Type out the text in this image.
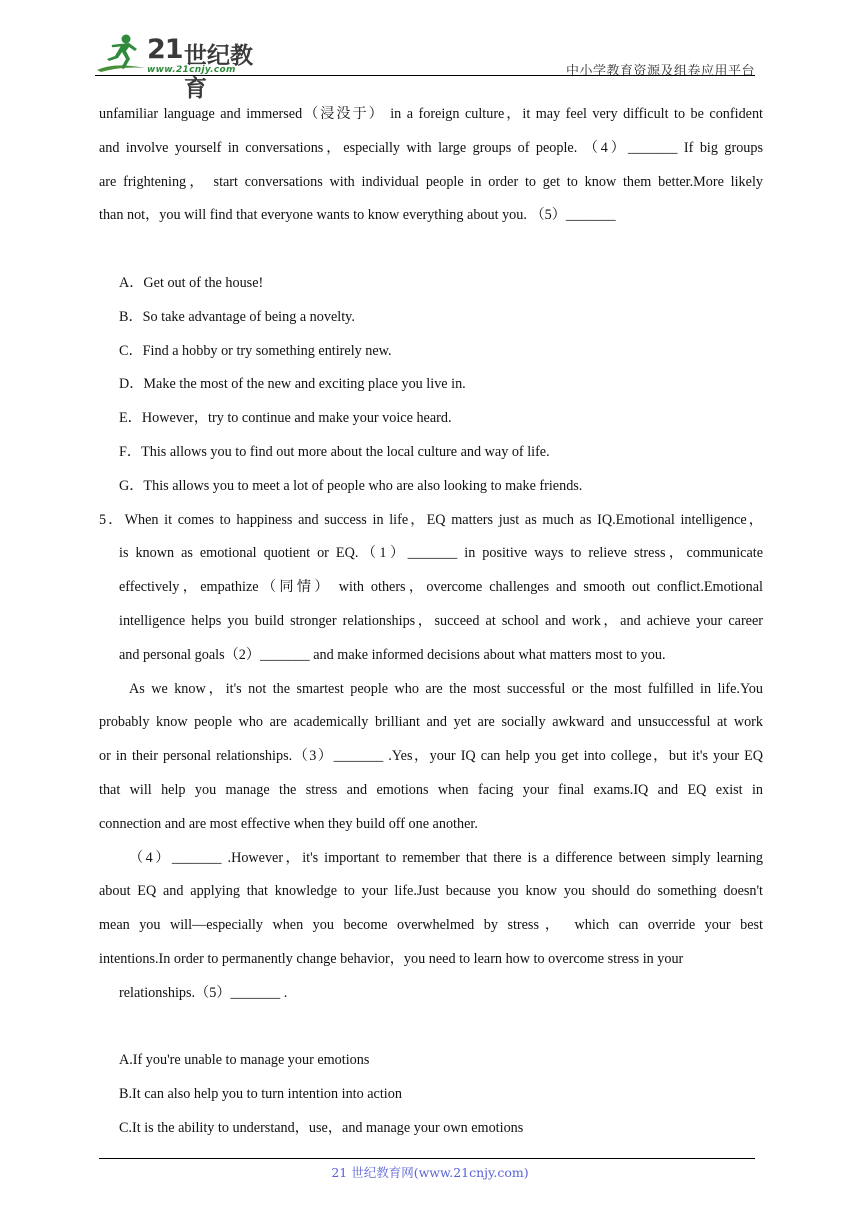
21 世纪教育
www.21cnjy.com	中小学教育资源及组卷应用平台

unfamiliar language and immersed（浸没于） in a foreign culture，it may feel very difficult to be confident

and involve yourself in conversations，especially with large groups of people. （4）_______ If big groups

are frightening， start conversations with individual people in order to get to know them better.More likely

than not，you will find that everyone wants to know everything about you. （5）_______

A．Get out of the house!

B．So take advantage of being a novelty.

C．Find a hobby or try something entirely new.

D．Make the most of the new and exciting place you live in.

E．However，try to continue and make your voice heard.

F．This allows you to find out more about the local culture and way of life.

G．This allows you to meet a lot of people who are also looking to make friends.

5．When it comes to happiness and success in life，EQ matters just as much as IQ.Emotional intelligence，

is known as emotional quotient or EQ.（1）_______ in positive ways to relieve stress，communicate

effectively，empathize（同情） with others，overcome challenges and smooth out conflict.Emotional

intelligence helps you build stronger relationships，succeed at school and work，and achieve your career

and personal goals（2）_______ and make informed decisions about what matters most to you.

As we know，it's not the smartest people who are the most successful or the most fulfilled in life.You

probably know people who are academically brilliant and yet are socially awkward and unsuccessful at work

or in their personal relationships.（3）_______ .Yes，your IQ can help you get into college，but it's your EQ

that will help you manage the stress and emotions when facing your final exams.IQ and EQ exist in

connection and are most effective when they build off one another.

（4）_______ .However，it's important to remember that there is a difference between simply learning

about EQ and applying that knowledge to your life.Just because you know you should do something doesn't

mean you will—especially when you become overwhelmed by stress， which can override your best

intentions.In order to permanently change behavior，you need to learn how to overcome stress in your

relationships.（5）_______ .

A.If you're unable to manage your emotions

B.It can also help you to turn intention into action

C.It is the ability to understand，use，and manage your own emotions

21 世纪教育网(www.21cnjy.com)
